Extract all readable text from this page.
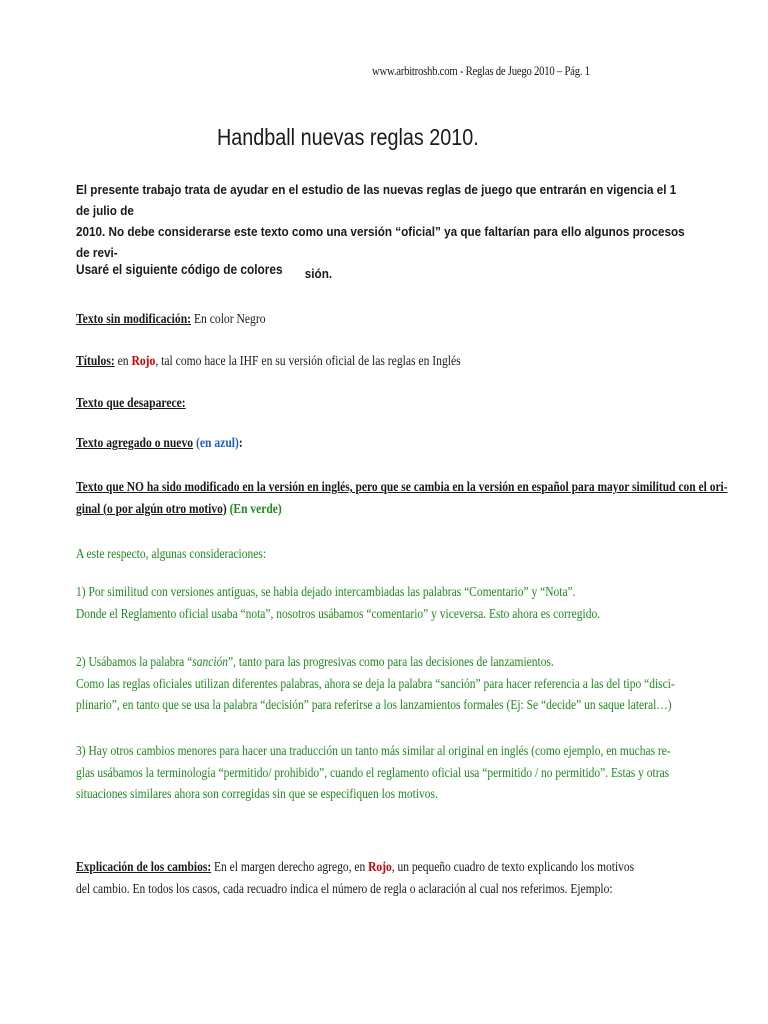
www.arbitroshb.com - Reglas de Juego 2010 – Pág. 1
Handball nuevas reglas 2010.
El presente trabajo trata de ayudar en el estudio de las nuevas reglas de juego que entrarán en vigencia el 1 de julio de
2010. No debe considerarse este texto como una versión “oficial” ya que faltarían para ello algunos procesos de revi-
sión.
Usaré el siguiente código de colores
Texto sin modificación: En color Negro
Títulos: en Rojo, tal como hace la IHF en su versión oficial de las reglas en Inglés
Texto que desaparece:
Texto agregado o nuevo (en azul):
Texto que NO ha sido modificado en la versión en inglés, pero que se cambia en la versión en español para mayor similitud con el ori-
ginal (o por algún otro motivo) (En verde)
A este respecto, algunas consideraciones:
1) Por similitud con versiones antiguas, se habia dejado intercambiadas las palabras “Comentario” y “Nota”.
Donde el Reglamento oficial usaba “nota”, nosotros usábamos “comentario” y viceversa. Esto ahora es corregido.
2) Usábamos la palabra “sanción”, tanto para las progresivas como para las decisiones de lanzamientos.
Como las reglas oficiales utilizan diferentes palabras, ahora se deja la palabra “sanción” para hacer referencia a las del tipo “disci-
plinario”, en tanto que se usa la palabra “decisión” para referirse a los lanzamientos formales (Ej: Se “decide” un saque lateral…)
3) Hay otros cambios menores para hacer una traducción un tanto más similar al original en inglés (como ejemplo, en muchas re-
glas usábamos la terminología “permitido/ prohibido”, cuando el reglamento oficial usa “permitido / no permitido”. Estas y otras
situaciones similares ahora son corregidas sin que se especifiquen los motivos.
Explicación de los cambios: En el margen derecho agrego, en Rojo, un pequeño cuadro de texto explicando los motivos
del cambio. En todos los casos, cada recuadro indica el número de regla o aclaración al cual nos referimos. Ejemplo:
